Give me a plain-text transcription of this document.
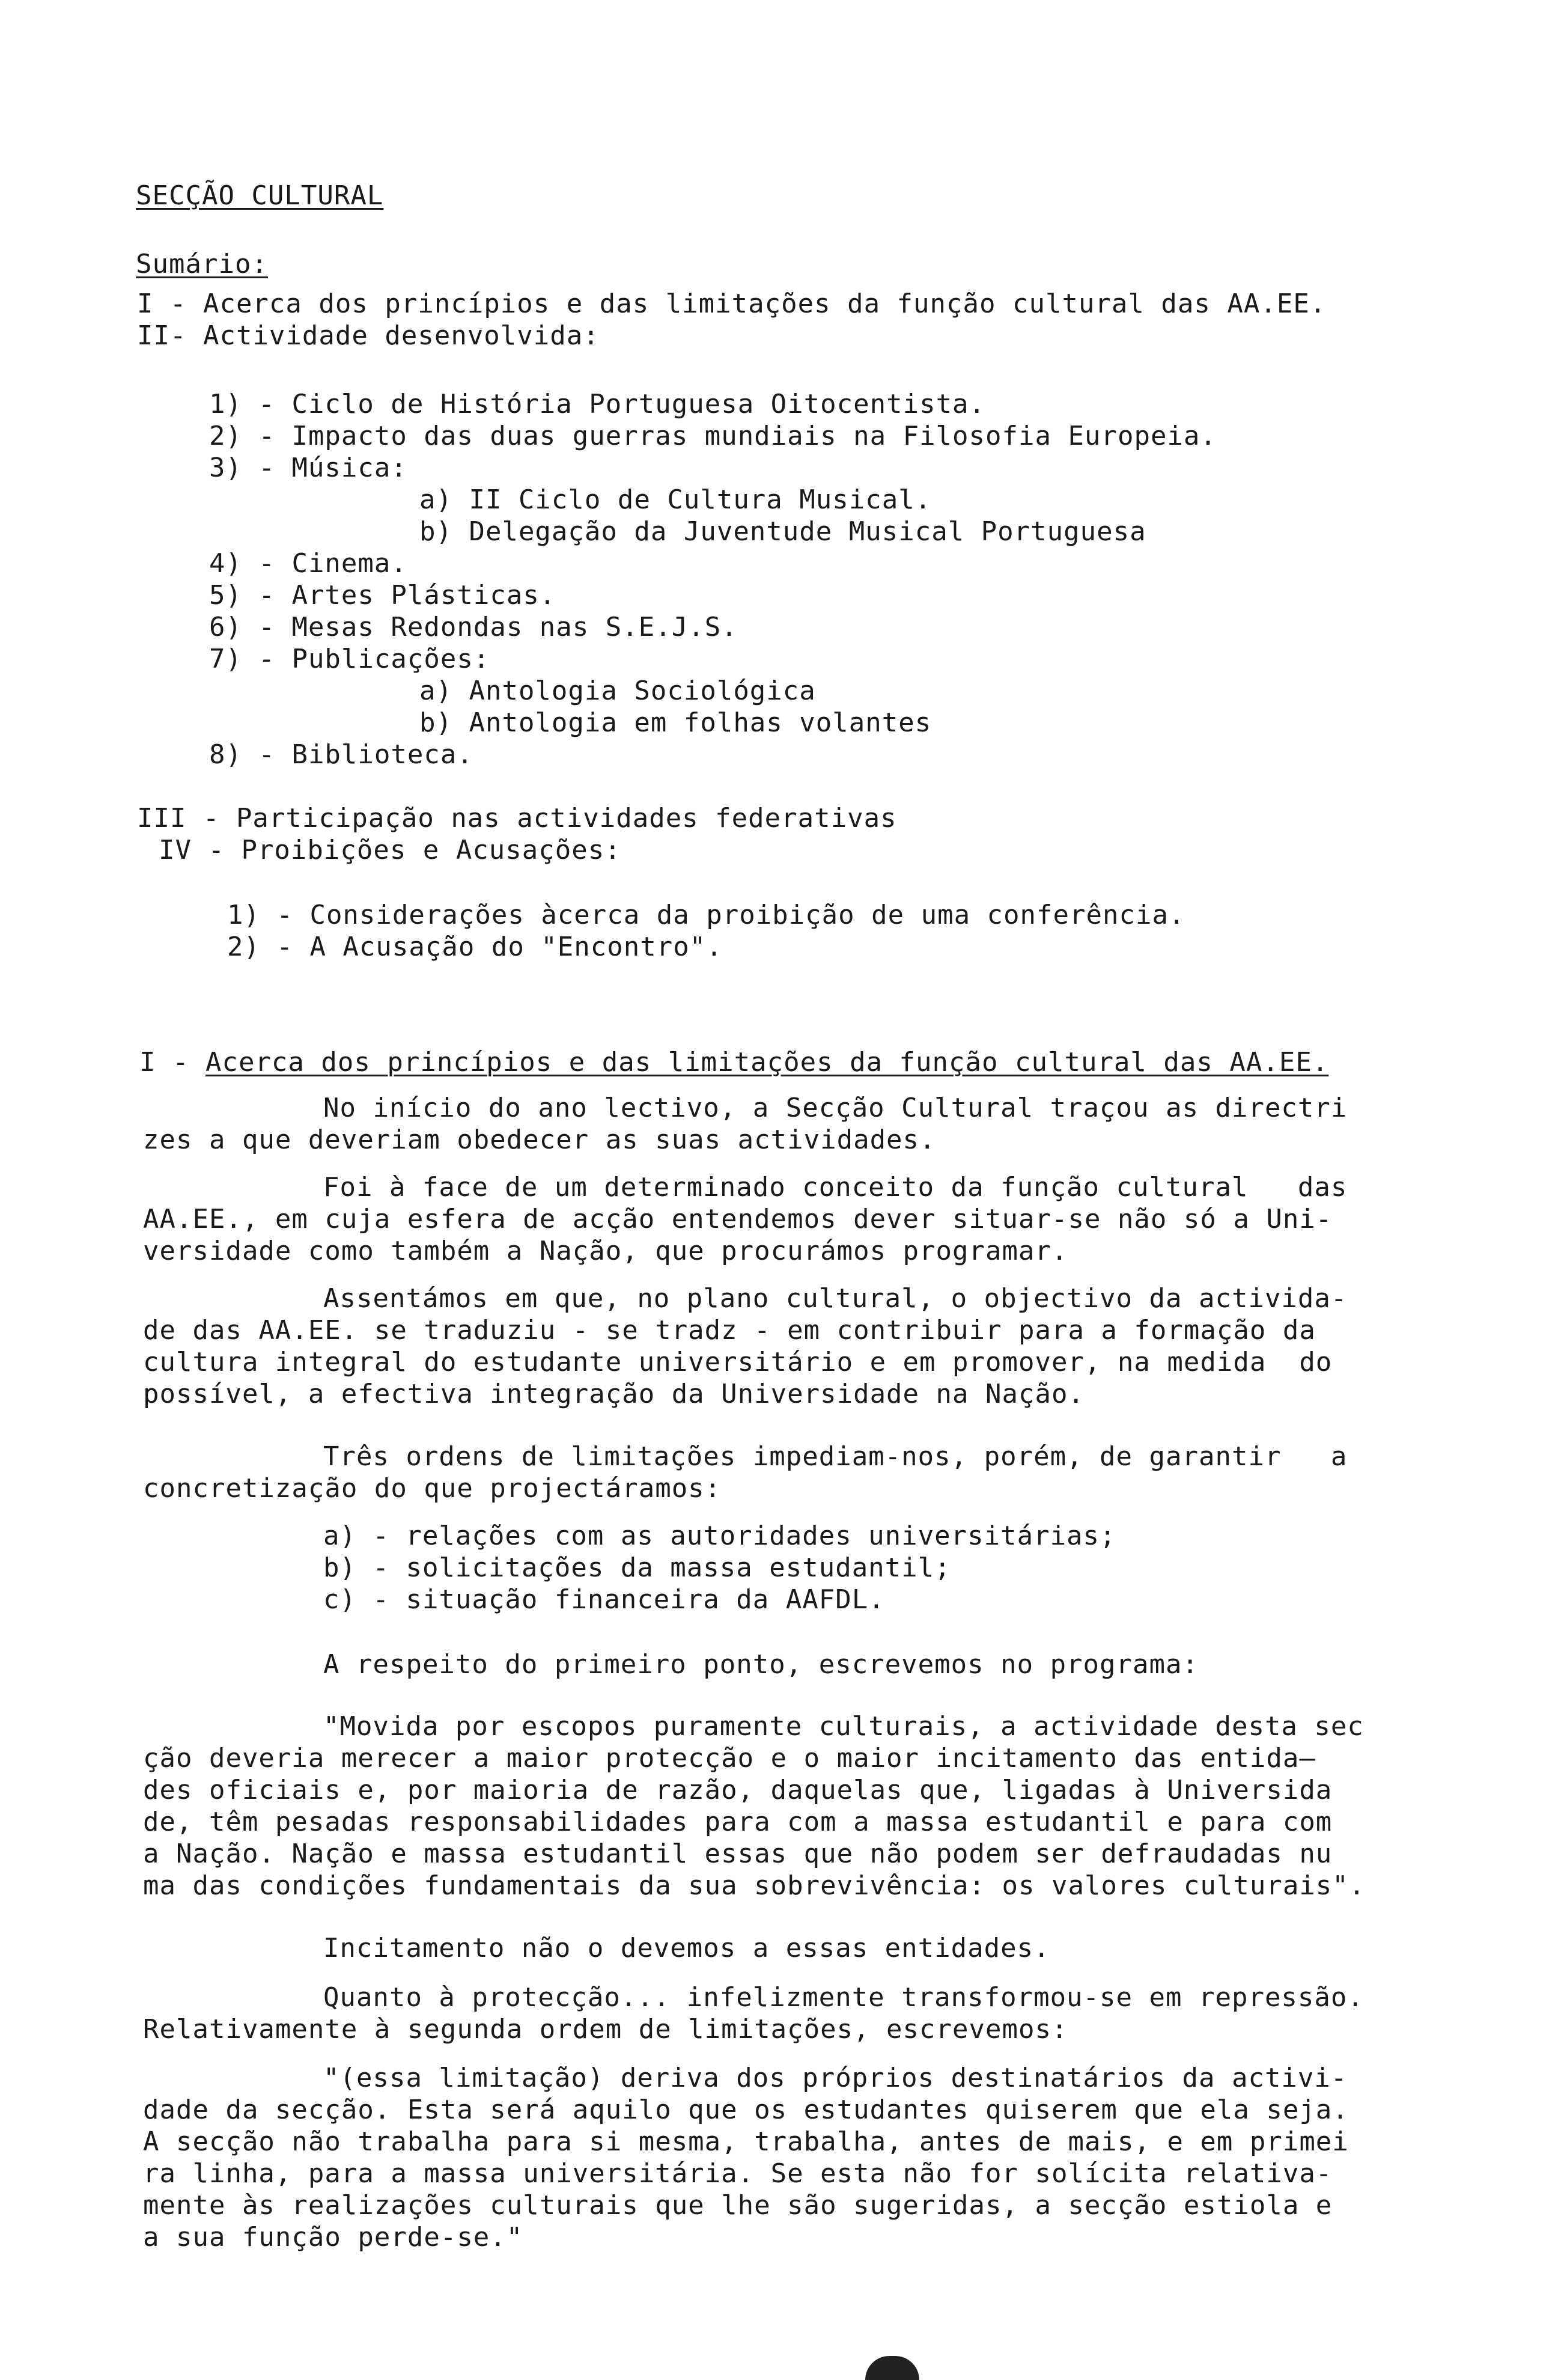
SECÇÃO CULTURAL
Sumário:
I - Acerca dos princípios e das limitações da função cultural das AA.EE.
II- Actividade desenvolvida:
1) - Ciclo de História Portuguesa Oitocentista.
2) - Impacto das duas guerras mundiais na Filosofia Europeia.
3) - Música:
a) II Ciclo de Cultura Musical.
b) Delegação da Juventude Musical Portuguesa
4) - Cinema.
5) - Artes Plásticas.
6) - Mesas Redondas nas S.E.J.S.
7) - Publicações:
a) Antologia Sociológica
b) Antologia em folhas volantes
8) - Biblioteca.
III - Participação nas actividades federativas
IV - Proibições e Acusações:
1) - Considerações àcerca da proibição de uma conferência.
2) - A Acusação do "Encontro".
I - Acerca dos princípios e das limitações da função cultural das AA.EE.
No início do ano lectivo, a Secção Cultural traçou as directri
zes a que deveriam obedecer as suas actividades.
Foi à face de um determinado conceito da função cultural   das
AA.EE., em cuja esfera de acção entendemos dever situar-se não só a Uni-
versidade como também a Nação, que procurámos programar.
Assentámos em que, no plano cultural, o objectivo da activida-
de das AA.EE. se traduziu - se tradz - em contribuir para a formação da
cultura integral do estudante universitário e em promover, na medida  do
possível, a efectiva integração da Universidade na Nação.
Três ordens de limitações impediam-nos, porém, de garantir   a
concretização do que projectáramos:
a) - relações com as autoridades universitárias;
b) - solicitações da massa estudantil;
c) - situação financeira da AAFDL.
A respeito do primeiro ponto, escrevemos no programa:
"Movida por escopos puramente culturais, a actividade desta sec
ção deveria merecer a maior protecção e o maior incitamento das entida—
des oficiais e, por maioria de razão, daquelas que, ligadas à Universida
de, têm pesadas responsabilidades para com a massa estudantil e para com
a Nação. Nação e massa estudantil essas que não podem ser defraudadas nu
ma das condições fundamentais da sua sobrevivência: os valores culturais".
Incitamento não o devemos a essas entidades.
Quanto à protecção... infelizmente transformou-se em repressão.
Relativamente à segunda ordem de limitações, escrevemos:
"(essa limitação) deriva dos próprios destinatários da activi-
dade da secção. Esta será aquilo que os estudantes quiserem que ela seja.
A secção não trabalha para si mesma, trabalha, antes de mais, e em primei
ra linha, para a massa universitária. Se esta não for solícita relativa-
mente às realizações culturais que lhe são sugeridas, a secção estiola e
a sua função perde-se."
